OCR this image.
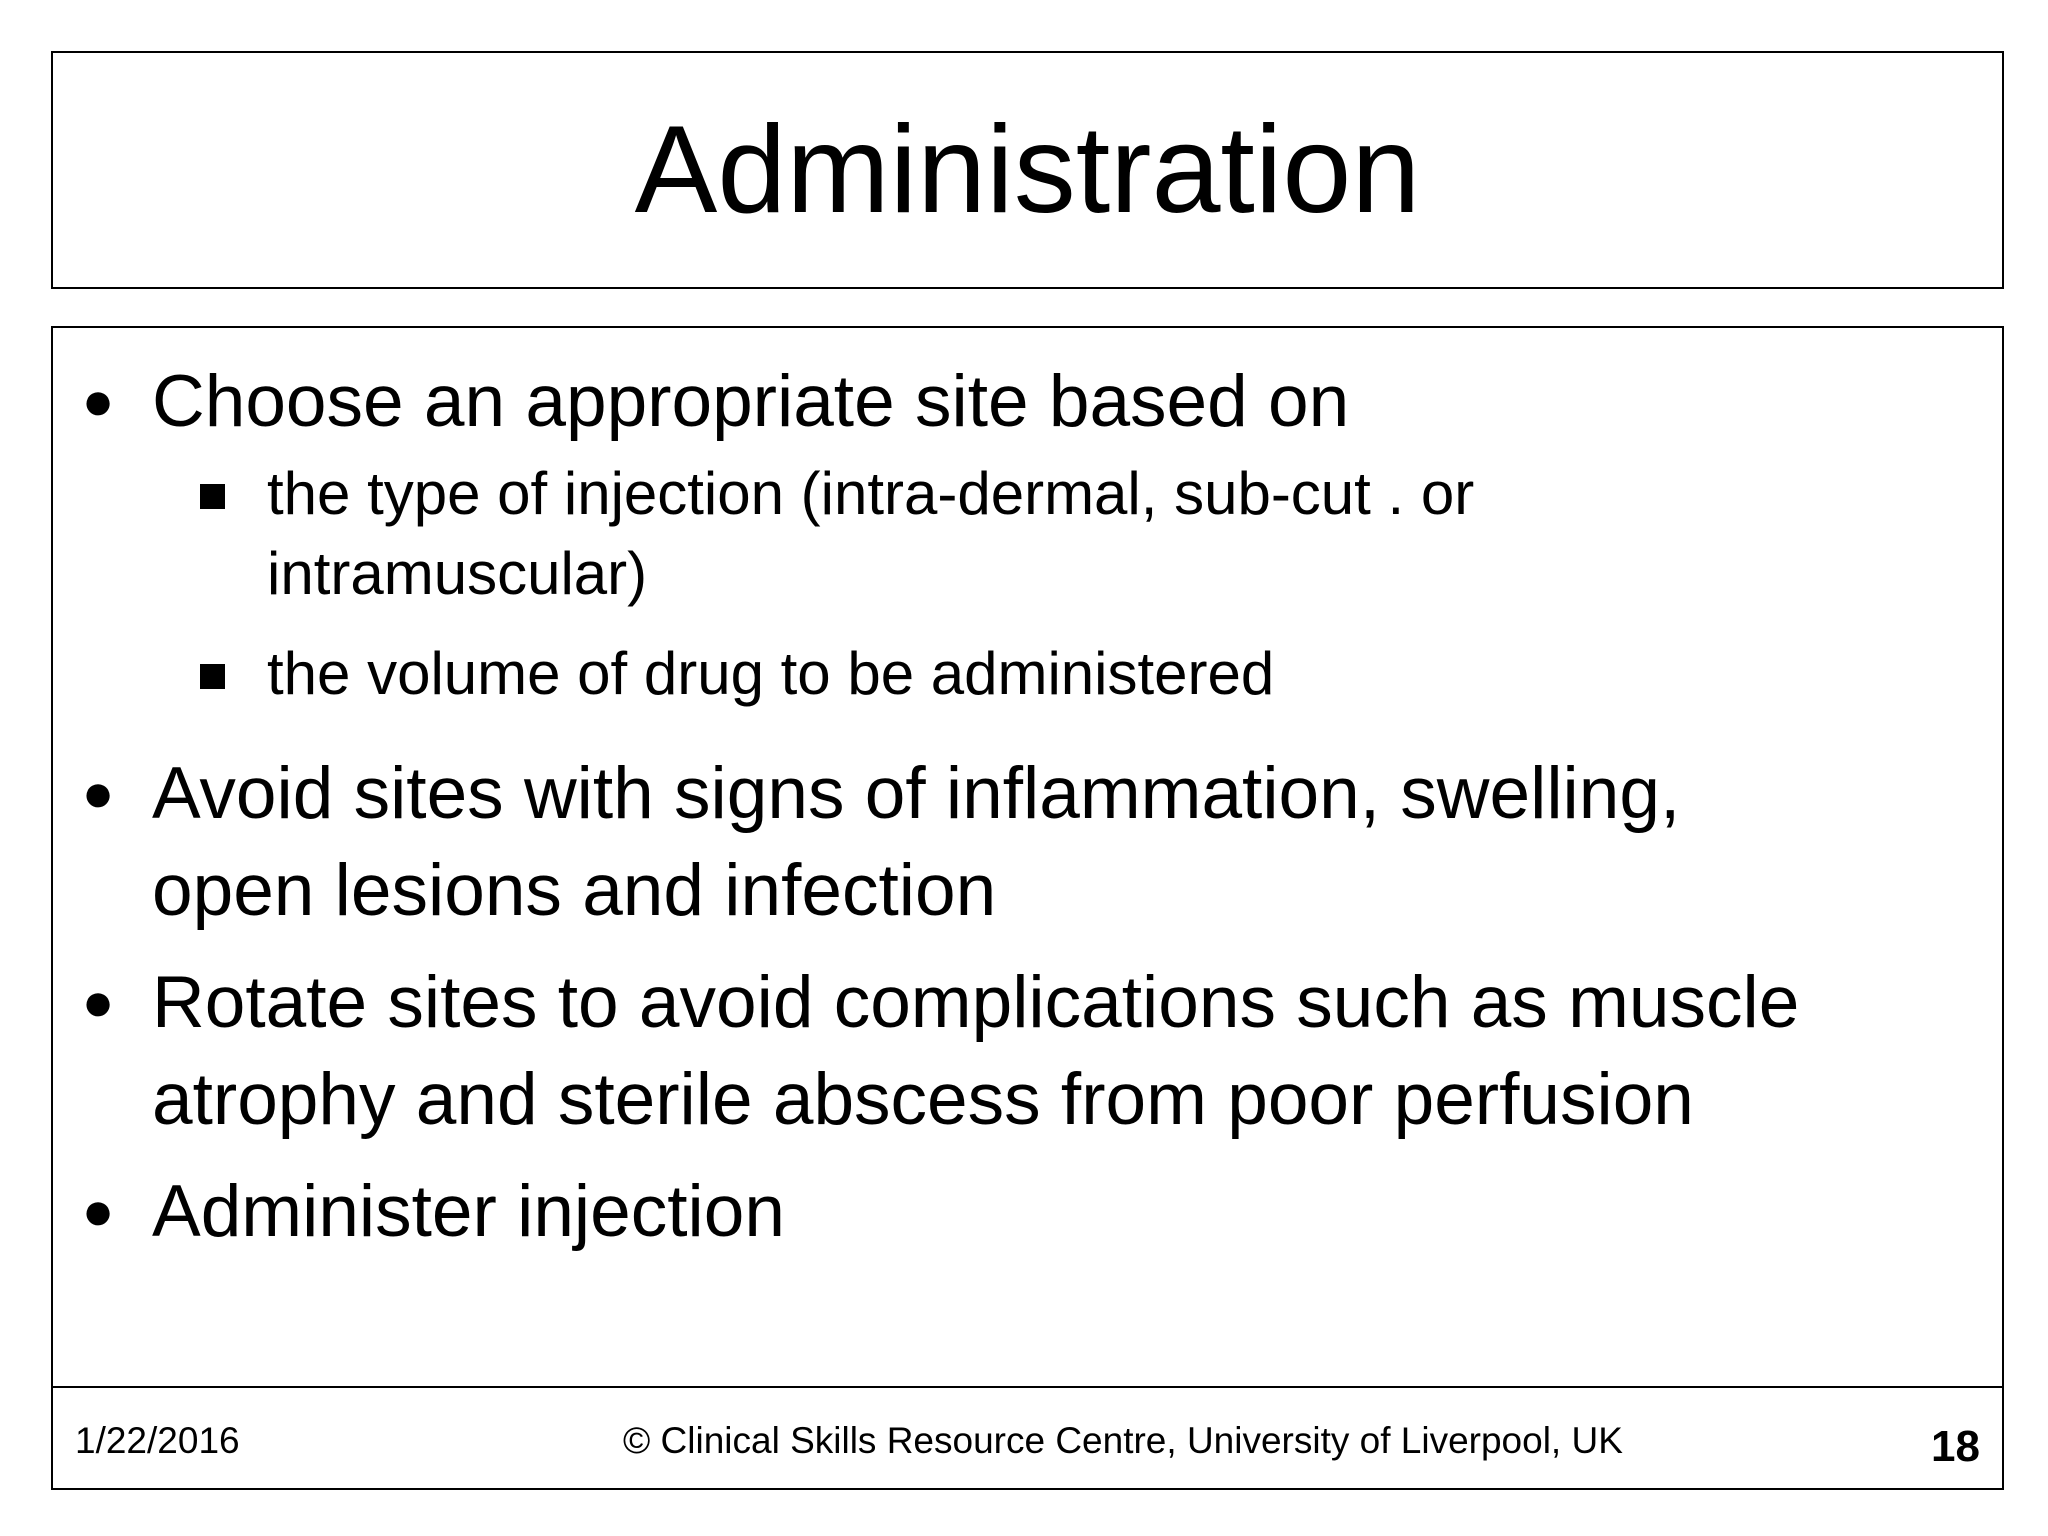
Administration
● Choose an appropriate site based on
the type of injection (intra-dermal, sub-cut . or
intramuscular)
the volume of drug to be administered
● Avoid sites with signs of inflammation, swelling,
open lesions and infection
● Rotate sites to avoid complications such as muscle
atrophy and sterile abscess from poor perfusion
● Administer injection
1/22/2016	© Clinical Skills Resource Centre, University of Liverpool, UK	18
